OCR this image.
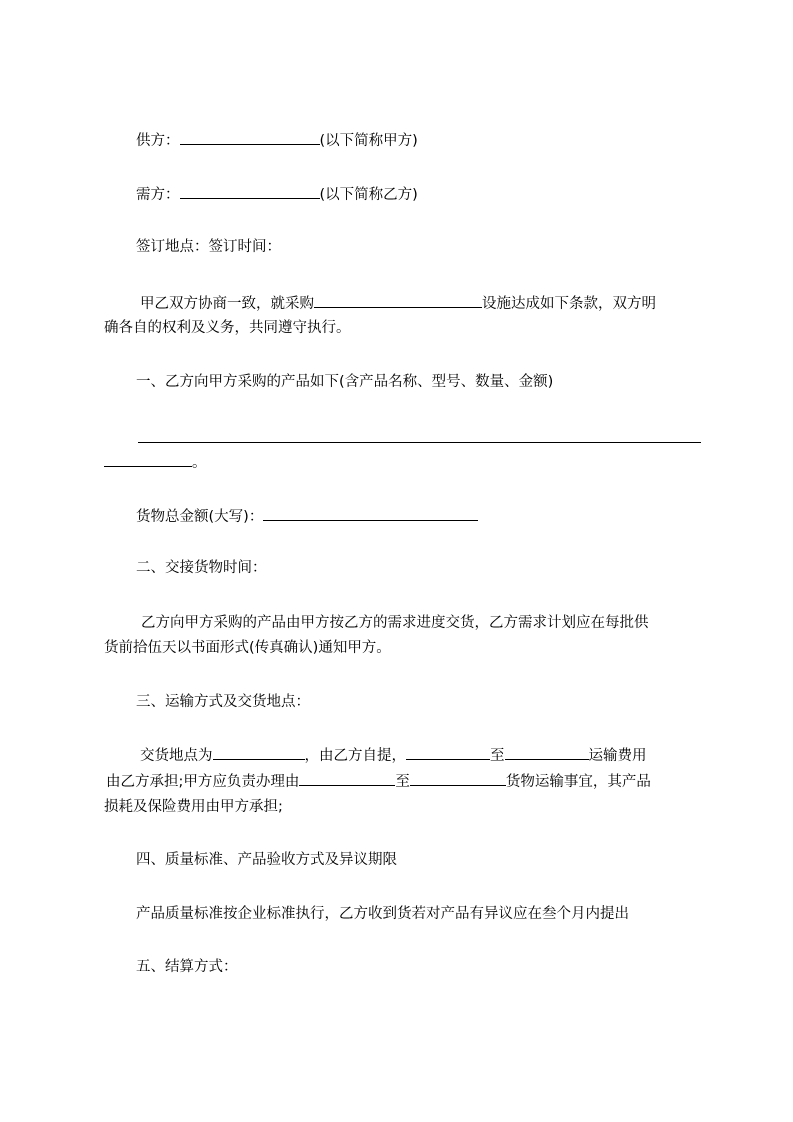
供方：	(以下简称甲方)
需方：	(以下简称乙方)
签订地点：签订时间：
甲乙双方协商一致，就采购	设施达成如下条款，双方明
确各自的权利及义务，共同遵守执行。
一、乙方向甲方采购的产品如下(含产品名称、型号、数量、金额)
。
货物总金额(大写)：
二、交接货物时间：
乙方向甲方采购的产品由甲方按乙方的需求进度交货，乙方需求计划应在每批供
货前拾伍天以书面形式(传真确认)通知甲方。
三、运输方式及交货地点：
交货地点为	，由乙方自提，	至	运输费用
由乙方承担;甲方应负责办理由	至	货物运输事宜，其产品
损耗及保险费用由甲方承担;
四、质量标准、产品验收方式及异议期限
产品质量标准按企业标准执行，乙方收到货若对产品有异议应在叁个月内提出
五、结算方式：
